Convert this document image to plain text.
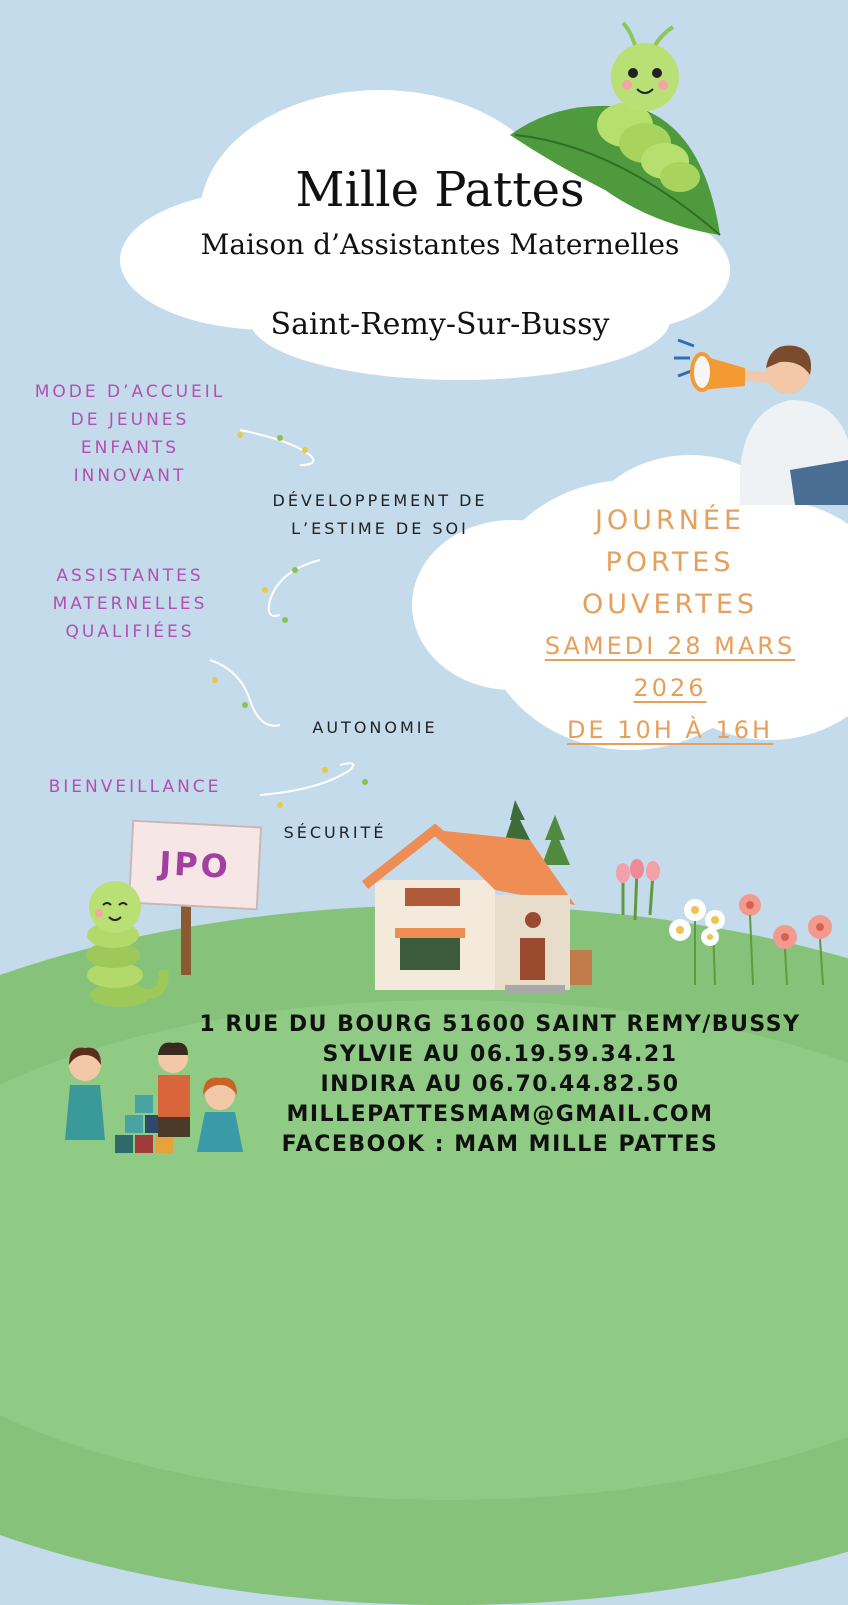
Mille Pattes
Maison d’Assistantes Maternelles
Saint-Remy-Sur-Bussy
MODE D’ACCUEIL
DE JEUNES
ENFANTS
INNOVANT
DÉVELOPPEMENT DE
L’ESTIME DE SOI
ASSISTANTES
MATERNELLES
QUALIFIÉES
AUTONOMIE
BIENVEILLANCE
SÉCURITÉ
JOURNÉE
PORTES
OUVERTES
SAMEDI 28 MARS
2026
DE 10H À 16H
JPO
1 RUE DU BOURG 51600 SAINT REMY/BUSSY
SYLVIE AU 06.19.59.34.21
INDIRA AU 06.70.44.82.50
MILLEPATTESMAM@GMAIL.COM
FACEBOOK : MAM MILLE PATTES
